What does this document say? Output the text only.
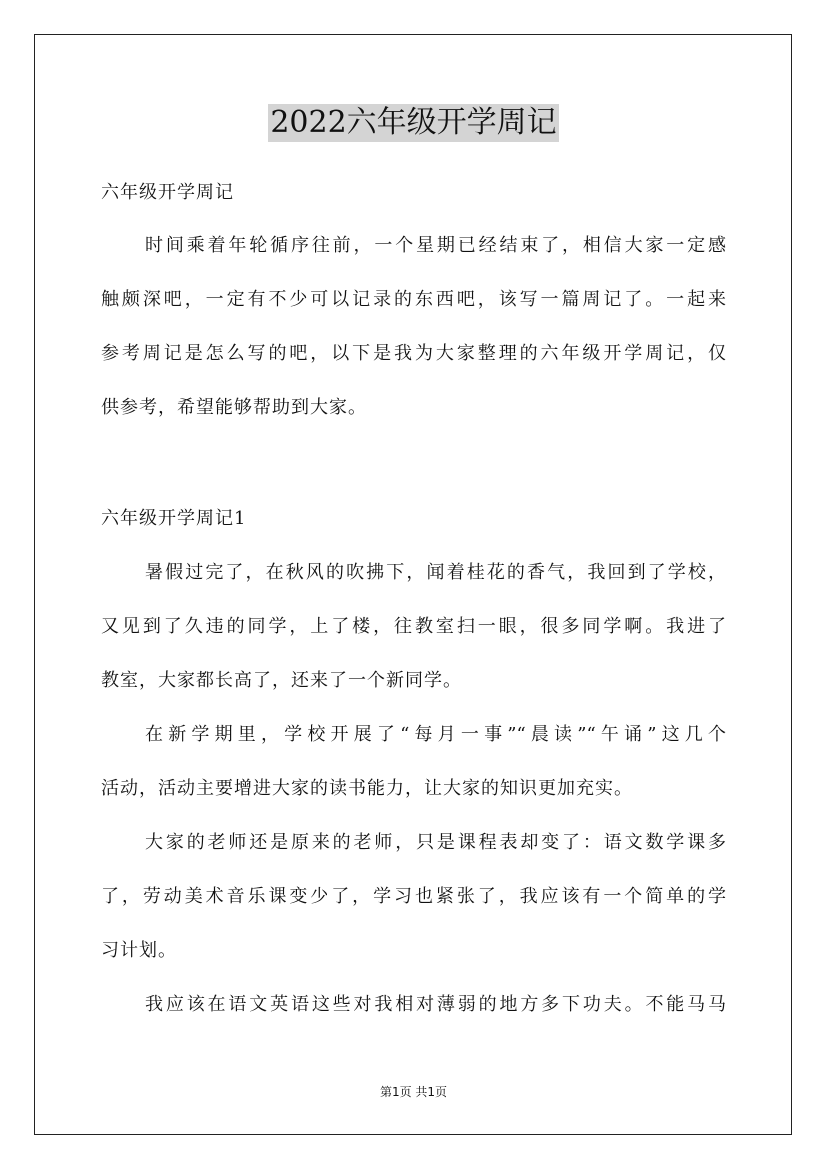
2022六年级开学周记
六年级开学周记
时间乘着年轮循序往前，一个星期已经结束了，相信大家一定感
触颇深吧，一定有不少可以记录的东西吧，该写一篇周记了。一起来
参考周记是怎么写的吧，以下是我为大家整理的六年级开学周记，仅
供参考，希望能够帮助到大家。
六年级开学周记1
暑假过完了，在秋风的吹拂下，闻着桂花的香气，我回到了学校，
又见到了久违的同学，上了楼，往教室扫一眼，很多同学啊。我进了
教室，大家都长高了，还来了一个新同学。
在新学期里，学校开展了“每月一事”“晨读”“午诵”这几个
活动，活动主要增进大家的读书能力，让大家的知识更加充实。
大家的老师还是原来的老师，只是课程表却变了：语文数学课多
了，劳动美术音乐课变少了，学习也紧张了，我应该有一个简单的学
习计划。
我应该在语文英语这些对我相对薄弱的地方多下功夫。不能马马
第1页 共1页
